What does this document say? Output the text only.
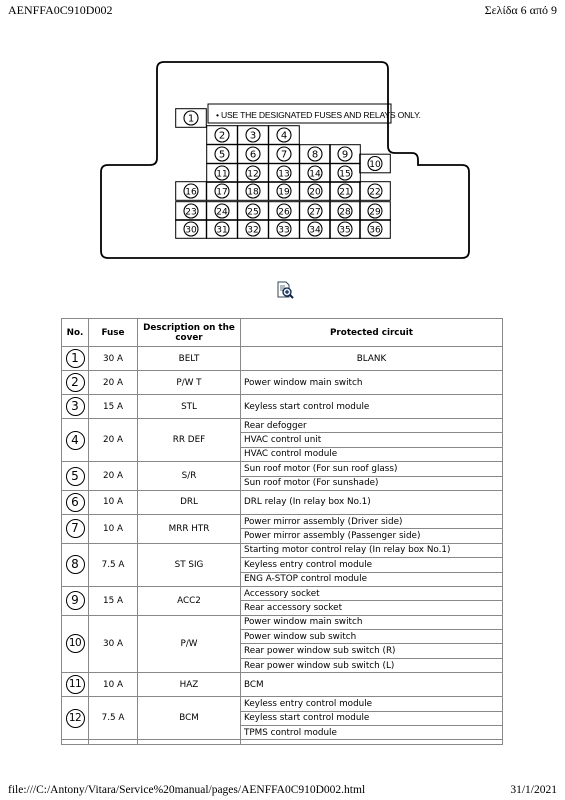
AENFFA0C910D002	Σελίδα 6 από 9
• USE THE DESIGNATED FUSES AND RELAYS ONLY.
1
2 3 4
5 6 7 8 9
10
11 12 13 14 15
16 17 18 19 20 21 22
23 24 25 26 27 28 29
30 31 32 33 34 35 36
No.	Fuse	Description on the cover	Protected circuit
1	30 A	BELT	BLANK
2	20 A	P/W T	Power window main switch
3	15 A	STL	Keyless start control module
4	20 A	RR DEF	Rear defogger
			HVAC control unit
			HVAC control module
5	20 A	S/R	Sun roof motor (For sun roof glass)
			Sun roof motor (For sunshade)
6	10 A	DRL	DRL relay (In relay box No.1)
7	10 A	MRR HTR	Power mirror assembly (Driver side)
			Power mirror assembly (Passenger side)
8	7.5 A	ST SIG	Starting motor control relay (In relay box No.1)
			Keyless entry control module
			ENG A-STOP control module
9	15 A	ACC2	Accessory socket
			Rear accessory socket
10	30 A	P/W	Power window main switch
			Power window sub switch
			Rear power window sub switch (R)
			Rear power window sub switch (L)
11	10 A	HAZ	BCM
12	7.5 A	BCM	Keyless entry control module
			Keyless start control module
			TPMS control module

file:///C:/Antony/Vitara/Service%20manual/pages/AENFFA0C910D002.html	31/1/2021
